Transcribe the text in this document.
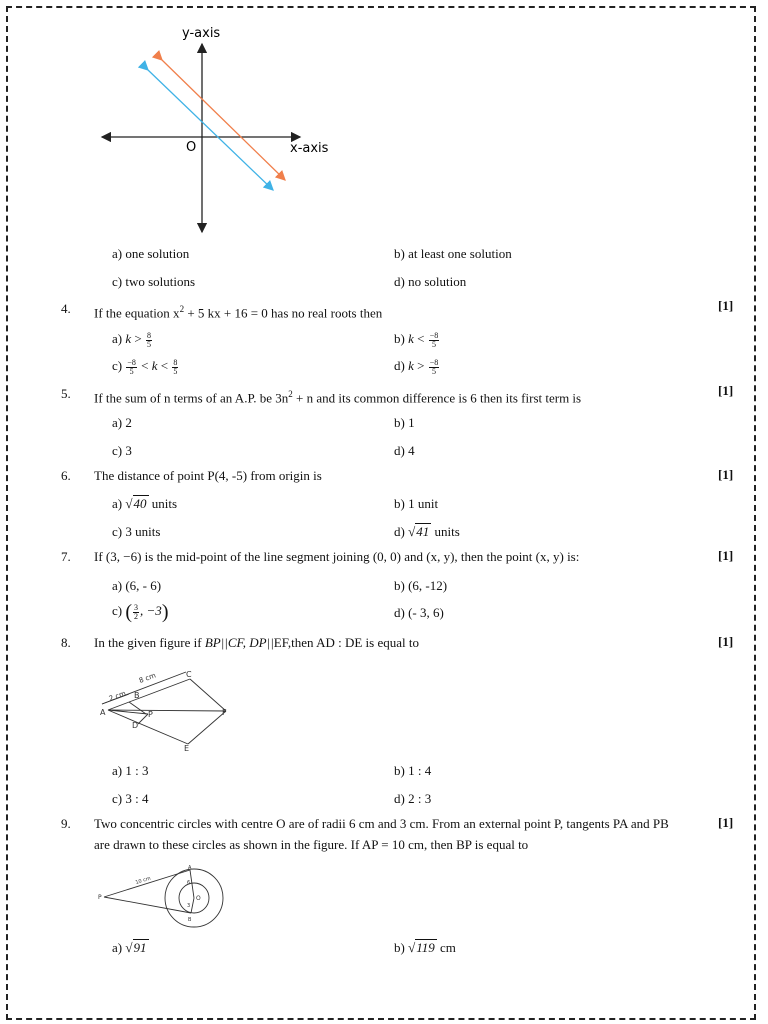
y-axis
x-axis
O
a) one solution	b) at least one solution
c) two solutions	d) no solution
4. If the equation $x^2 + 5$ kx + 16 = 0 has no real roots then	[1]
a) $k > \frac{8}{5}$	b) $k < \frac{-8}{5}$
$c) \frac{-8}{5} < k < \frac{8}{5}$	d) $k > \frac{-8}{5}$
5. If the sum of n terms of an A.P. be $3n^2 + n$ and its common difference is 6 then its first term is	[1]
a) 2	b) 1
c) 3	d) 4
6. The distance of point P(4, -5) from origin is	[1]
a) √40 units	b) 1 unit
c) 3 units	d) √41 units
7. If (3, −6) is the mid-point of the line segment joining (0, 0) and (x, y), then the point (x, y) is:	[1]
a) (6, - 6)	b) (6, -12)
c) ( $\frac{3}{2}$ , −3)	d) (- 3, 6)
8. In the given figure if BP||CF, DP||EF,then AD : DE is equal to	[1]
8 cm
2 cm
A
B
C
P
D
E
F
a) 1 : 3	b) 1 : 4
c) 3 : 4	d) 2 : 3
9. Two concentric circles with centre O are of radii 6 cm and 3 cm. From an external point P, tangents PA and PB
are drawn to these circles as shown in the figure. If AP = 10 cm, then BP is equal to
[1]
P
10 cm
O
6
3
A
B
a) √91	b) √119 cm
